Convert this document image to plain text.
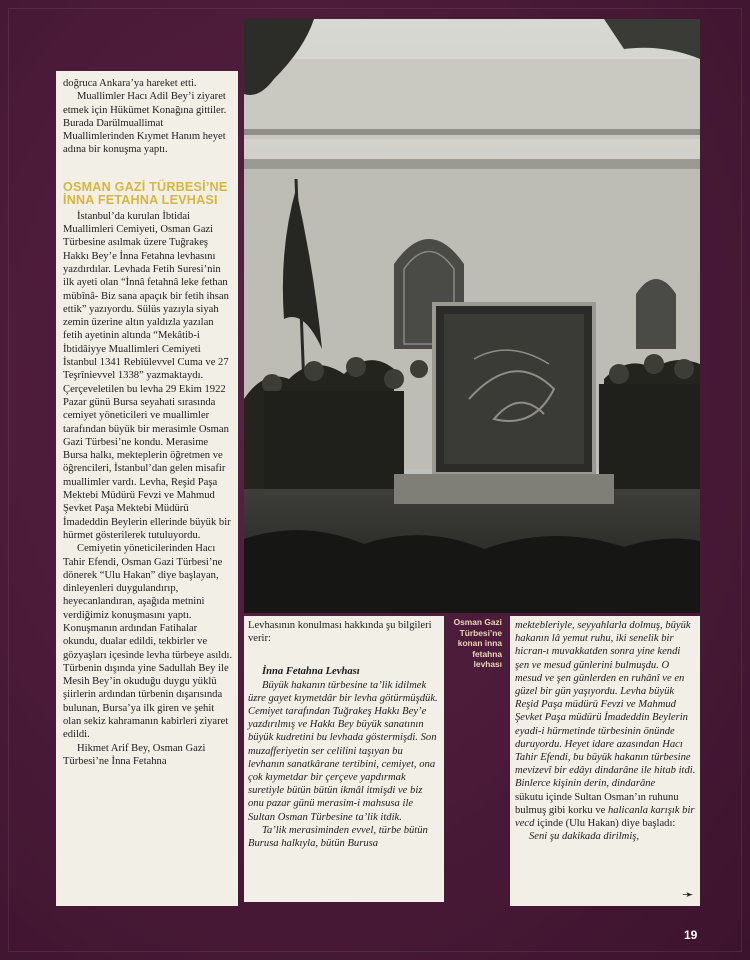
doğruca Ankara’ya hareket etti.

Muallimler Hacı Adil Bey’i ziyaret etmek için Hükümet Konağına gittiler. Burada Darülmuallimat Muallimlerinden Kıymet Hanım heyet adına bir konuşma yaptı.

OSMAN GAZİ TÜRBESİ’NE İNNA FETAHNA LEVHASI

İstanbul’da kurulan İbtidai Muallimleri Cemiyeti, Osman Gazi Türbesine asılmak üzere Tuğrakeş Hakkı Bey’e İnna Fetahna levhasını yazdırdılar. Levhada Fetih Suresi’nin ilk ayeti olan “İnnâ fetahnâ leke fethan mübînâ- Biz sana apaçık bir fetih ihsan ettik” yazıyordu. Sülüs yazıyla siyah zemin üzerine altın yaldızla yazılan fetih ayetinin altında “Mekâtib-i İbtidâiyye Muallimleri Cemiyeti İstanbul 1341 Rebîülevvel Cuma ve 27 Teşrînievvel 1338” yazmaktaydı. Çerçeveletilen bu levha 29 Ekim 1922 Pazar günü Bursa seyahati sırasında cemiyet yöneticileri ve muallimler tarafından büyük bir merasimle Osman Gazi Türbesi’ne kondu. Merasime Bursa halkı, mekteplerin öğretmen ve öğrencileri, İstanbul’dan gelen misafir muallimler vardı. Levha, Reşid Paşa Mektebi Müdürü Fevzi ve Mahmud Şevket Paşa Mektebi Müdürü İmadeddin Beylerin ellerinde büyük bir hürmet gösterilerek tutuluyordu.

Cemiyetin yöneticilerinden Hacı Tahir Efendi, Osman Gazi Türbesi’ne dönerek “Ulu Hakan” diye başlayan, dinleyenleri duygulandırıp, heyecanlandıran, aşağıda metnini verdiğimiz konuşmasını yaptı. Konuşmanın ardından Fatihalar okundu, dualar edildi, tekbirler ve gözyaşları içesinde levha türbeye asıldı. Türbenin dışında yine Sadullah Bey ile Mesih Bey’in okuduğu duygu yüklü şiirlerin ardından türbenin dışarısında bulunan, Bursa’ya ilk giren ve şehit olan sekiz kahramanın kabirleri ziyaret edildi.

Hikmet Arif Bey, Osman Gazi Türbesi’ne İnna Fetahna

Levhasının konulması hakkında şu bilgileri verir:

İnna Fetahna Levhası

Büyük hakanın türbesine ta’lik idilmek üzre gayet kıymetdâr bir levha götürmüşdük. Cemiyet tarafından Tuğrakeş Hakkı Bey’e yazdırılmış ve Hakkı Bey büyük sanatının büyük kudretini bu levhada göstermişdi. Son muzafferiyetin ser celilini taşıyan bu levhanın sanatkârane tertibini, cemiyet, ona çok kıymetdar bir çerçeve yapdırmak suretiyle bütün bütün ikmâl itmişdi ve biz onu pazar günü merasim-i mahsusa ile Sultan Osman Türbesine ta’lik itdik.

Ta’lik merasiminden evvel, türbe bütün Burusa halkıyla, bütün Burusa

Osman Gazi Türbesi’ne konan inna fetahna levhası

mektebleriyle, seyyahlarla dolmuş, büyük hakanın lâ yemut ruhu, iki senelik bir hicran-ı muvakkatden sonra yine kendi şen ve mesud günlerini bulmuşdu. O mesud ve şen günlerden en ruhânî ve en güzel bir gün yaşıyordu. Levha büyük Reşid Paşa müdürü Fevzi ve Mahmud Şevket Paşa müdürü İmadeddin Beylerin eyadi-i hürmetinde türbesinin önünde duruyordu. Heyet idare azasından Hacı Tahir Efendi, bu büyük hakanın türbesine mevizevî bir edâyı dindarâne ile hitab itdi. Binlerce kişinin derin, dindarâne

sükutu içinde Sultan Osman’ın ruhunu bulmuş gibi korku ve halicanla karışık bir vecd içinde (Ulu Hakan) diye başladı:

Seni şu dakikada dirilmiş,

➛
19
